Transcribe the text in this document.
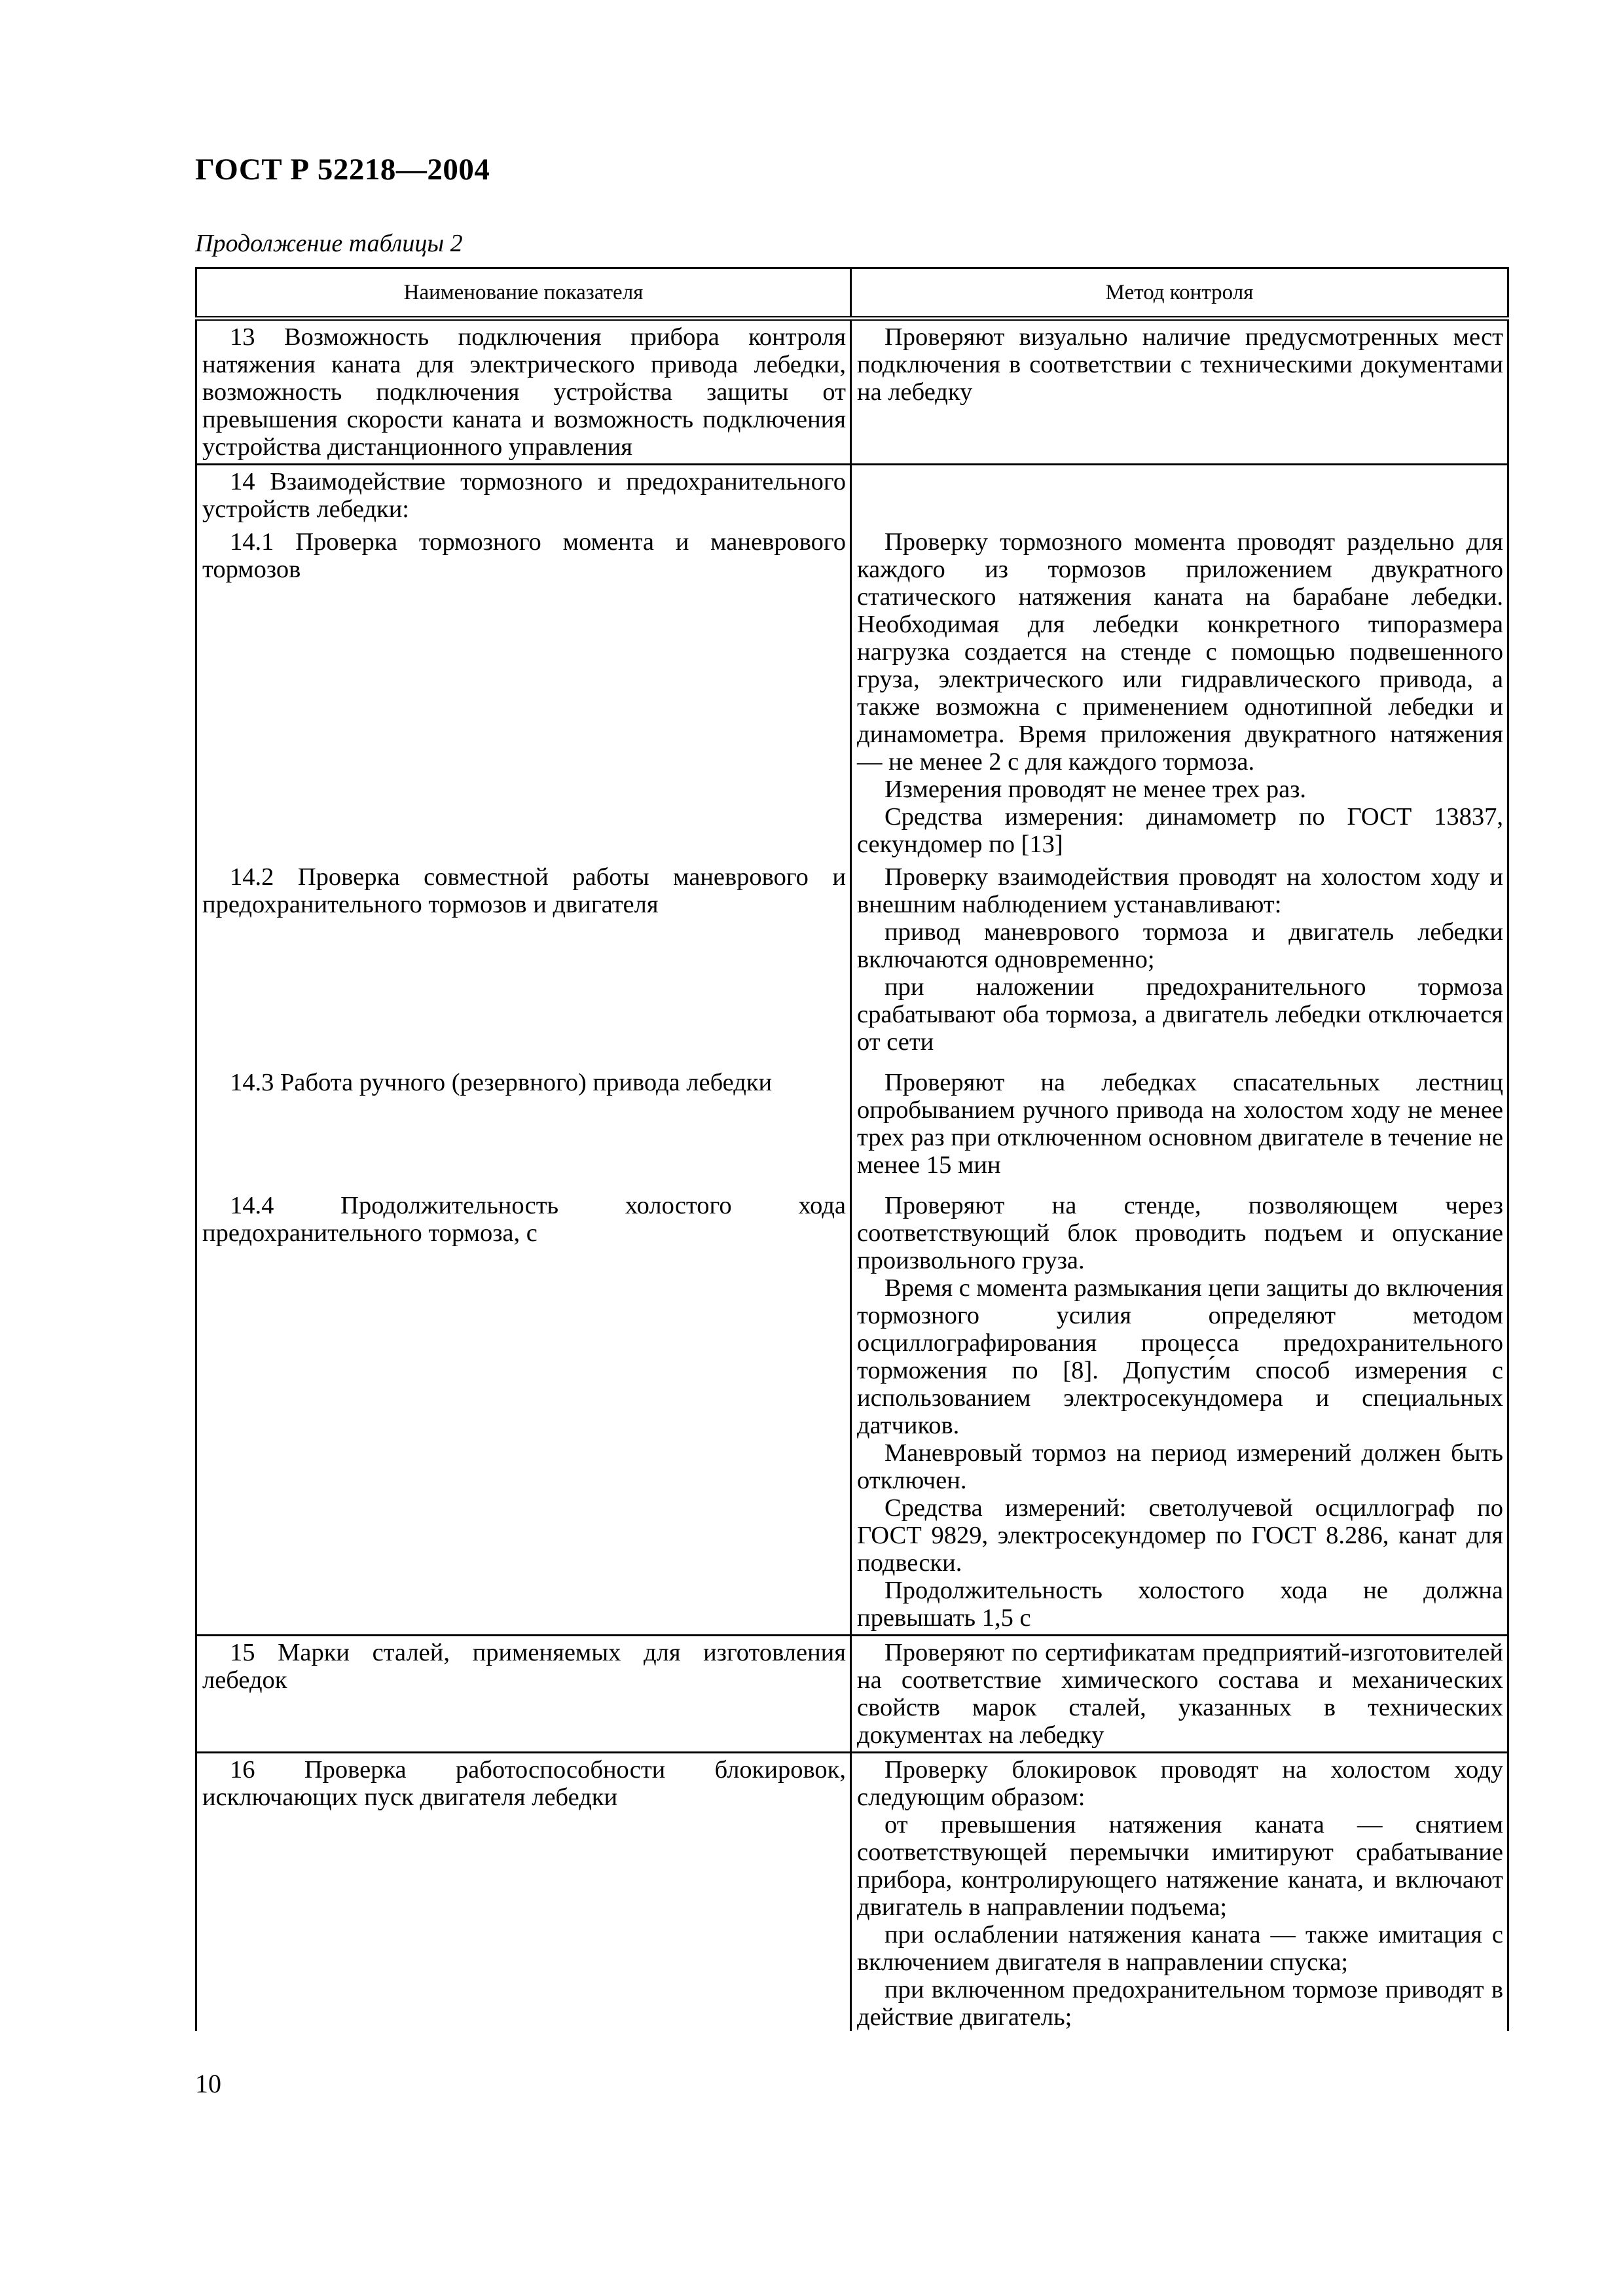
ГОСТ Р 52218—2004
Продолжение таблицы 2
Наименование показателя	Метод контроля

13 Возможность подключения прибора контроля натяжения каната для электрического привода лебедки, возможность подключения устройства защиты от превышения скорости каната и возможность подключения устройства дистанционного управления	Проверяют визуально наличие предусмотренных мест подключения в соответствии с техническими документами на лебедку

14 Взаимодействие тормозного и предохранительного устройств лебедки:	

14.1 Проверка тормозного момента и маневрового тормозов	Проверку тормозного момента проводят раздельно для каждого из тормозов приложением двукратного статического натяжения каната на барабане лебедки. Необходимая для лебедки конкретного типоразмера нагрузка создается на стенде с помощью подвешенного груза, электрического или гидравлического привода, а также возможна с применением однотипной лебедки и динамометра. Время приложения двукратного натяжения — не менее 2 с для каждого тормоза.

Измерения проводят не менее трех раз.

Средства измерения: динамометр по ГОСТ 13837, секундомер по [13]

14.2 Проверка совместной работы маневрового и предохранительного тормозов и двигателя	Проверку взаимодействия проводят на холостом ходу и внешним наблюдением устанавливают:

привод маневрового тормоза и двигатель лебедки включаются одновременно;

при наложении предохранительного тормоза срабатывают оба тормоза, а двигатель лебедки отключается от сети

14.3 Работа ручного (резервного) привода лебедки	Проверяют на лебедках спасательных лестниц опробыванием ручного привода на холостом ходу не менее трех раз при отключенном основном двигателе в течение не менее 15 мин

14.4 Продолжительность холостого хода предохранительного тормоза, с	Проверяют на стенде, позволяющем через соответствующий блок проводить подъем и опускание произвольного груза.

Время с момента размыкания цепи защиты до включения тормозного усилия определяют методом осциллографирования процесса предохранительного торможения по [8]. Допусти́м способ измерения с использованием электросекундомера и специальных датчиков.

Маневровый тормоз на период измерений должен быть отключен.

Средства измерений: светолучевой осциллограф по ГОСТ 9829, электросекундомер по ГОСТ 8.286, канат для подвески.

Продолжительность холостого хода не должна превышать 1,5 с

15 Марки сталей, применяемых для изготовления лебедок	Проверяют по сертификатам предприятий-изготовителей на соответствие химического состава и механических свойств марок сталей, указанных в технических документах на лебедку

16 Проверка работоспособности блокировок, исключающих пуск двигателя лебедки	Проверку блокировок проводят на холостом ходу следующим образом:

от превышения натяжения каната — снятием соответствующей перемычки имитируют срабатывание прибора, контролирующего натяжение каната, и включают двигатель в направлении подъема;

при ослаблении натяжения каната — также имитация с включением двигателя в направлении спуска;

при включенном предохранительном тормозе приводят в действие двигатель;

10
